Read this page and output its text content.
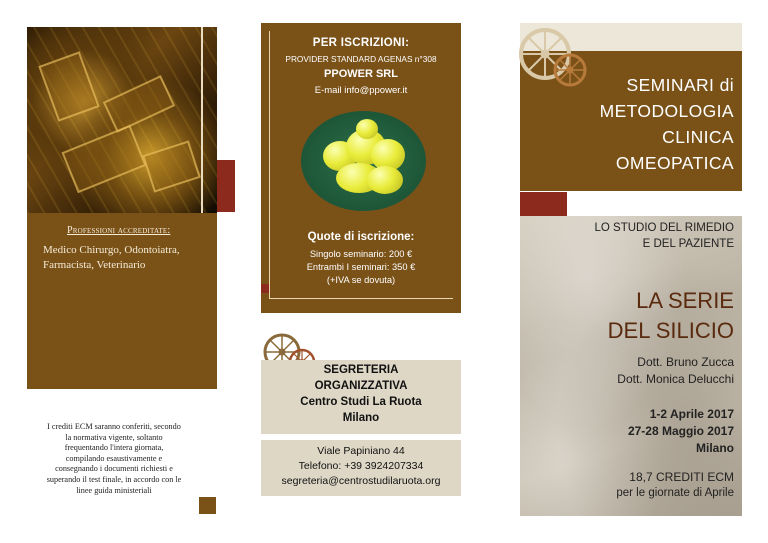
Professioni accreditate:
Medico Chirurgo, Odontoiatra, Farmacista, Veterinario
I crediti ECM saranno conferiti, secondo
la normativa vigente, soltanto
frequentando l'intera giornata,
compilando esaustivamente e
consegnando i documenti richiesti e
superando il test finale, in accordo con le
linee guida ministeriali
PER ISCRIZIONI:
PROVIDER STANDARD AGENAS n°308
PPOWER SRL
E-mail info@ppower.it
Quote di iscrizione:
Singolo seminario: 200 €
Entrambi I seminari: 350 €
(+IVA se dovuta)
SEGRETERIA
ORGANIZZATIVA
Centro Studi La Ruota
Milano
Viale Papiniano 44
Telefono: +39 3924207334
segreteria@centrostudilaruota.org
SEMINARI di
METODOLOGIA
CLINICA
OMEOPATICA
LO STUDIO DEL RIMEDIO
E DEL PAZIENTE
LA SERIE
DEL SILICIO
Dott. Bruno Zucca
Dott. Monica Delucchi
1-2 Aprile 2017
27-28 Maggio 2017
Milano
18,7 CREDITI ECM
per le giornate di Aprile
